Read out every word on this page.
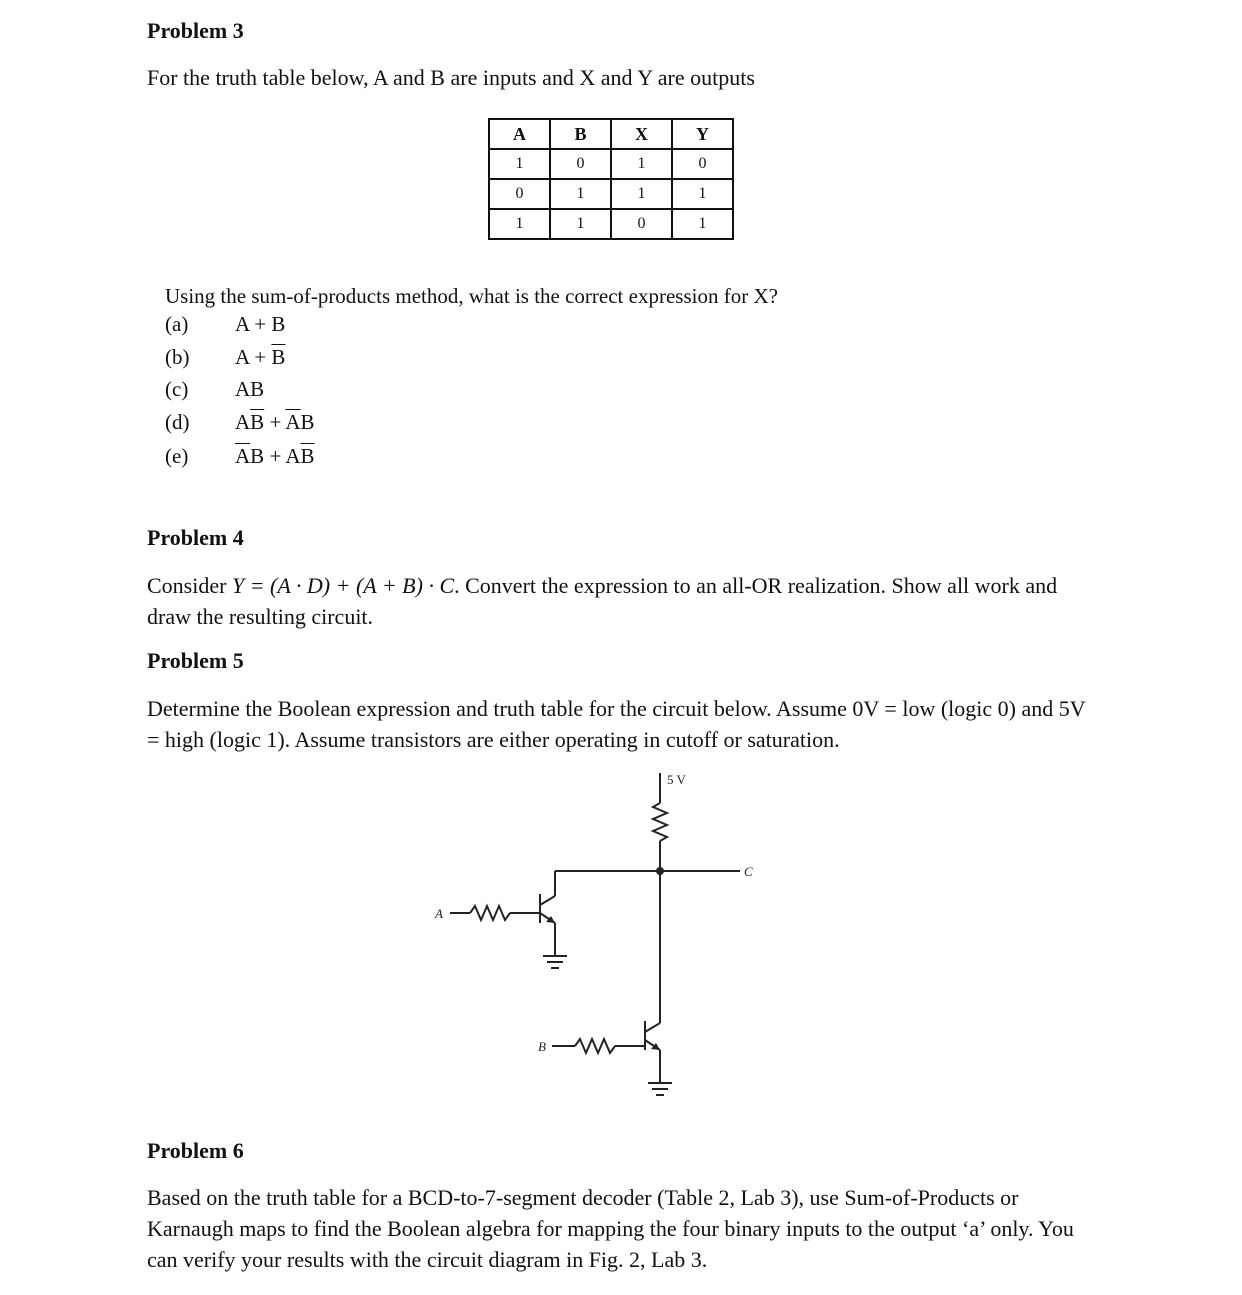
Problem 3
For the truth table below, A and B are inputs and X and Y are outputs
A	B	X	Y
1	0	1	0
0	1	1	1
1	1	0	1
Using the sum-of-products method, what is the correct expression for X?
(a) A + B
(b) $A + \overline{B}$
(c) AB
(d) $A\overline{B} + \overline{A}B$
(e) $\overline{A}B + A\overline{B}$
Problem 4
Consider Y = (A · D) + (A + B) · C. Convert the expression to an all-OR realization. Show all work and draw the resulting circuit.
Problem 5
Determine the Boolean expression and truth table for the circuit below. Assume 0V = low (logic 0) and 5V = high (logic 1). Assume transistors are either operating in cutoff or saturation.
5 V
C
A
B
Problem 6
Based on the truth table for a BCD-to-7-segment decoder (Table 2, Lab 3), use Sum-of-Products or Karnaugh maps to find the Boolean algebra for mapping the four binary inputs to the output ‘a’ only. You can verify your results with the circuit diagram in Fig. 2, Lab 3.
